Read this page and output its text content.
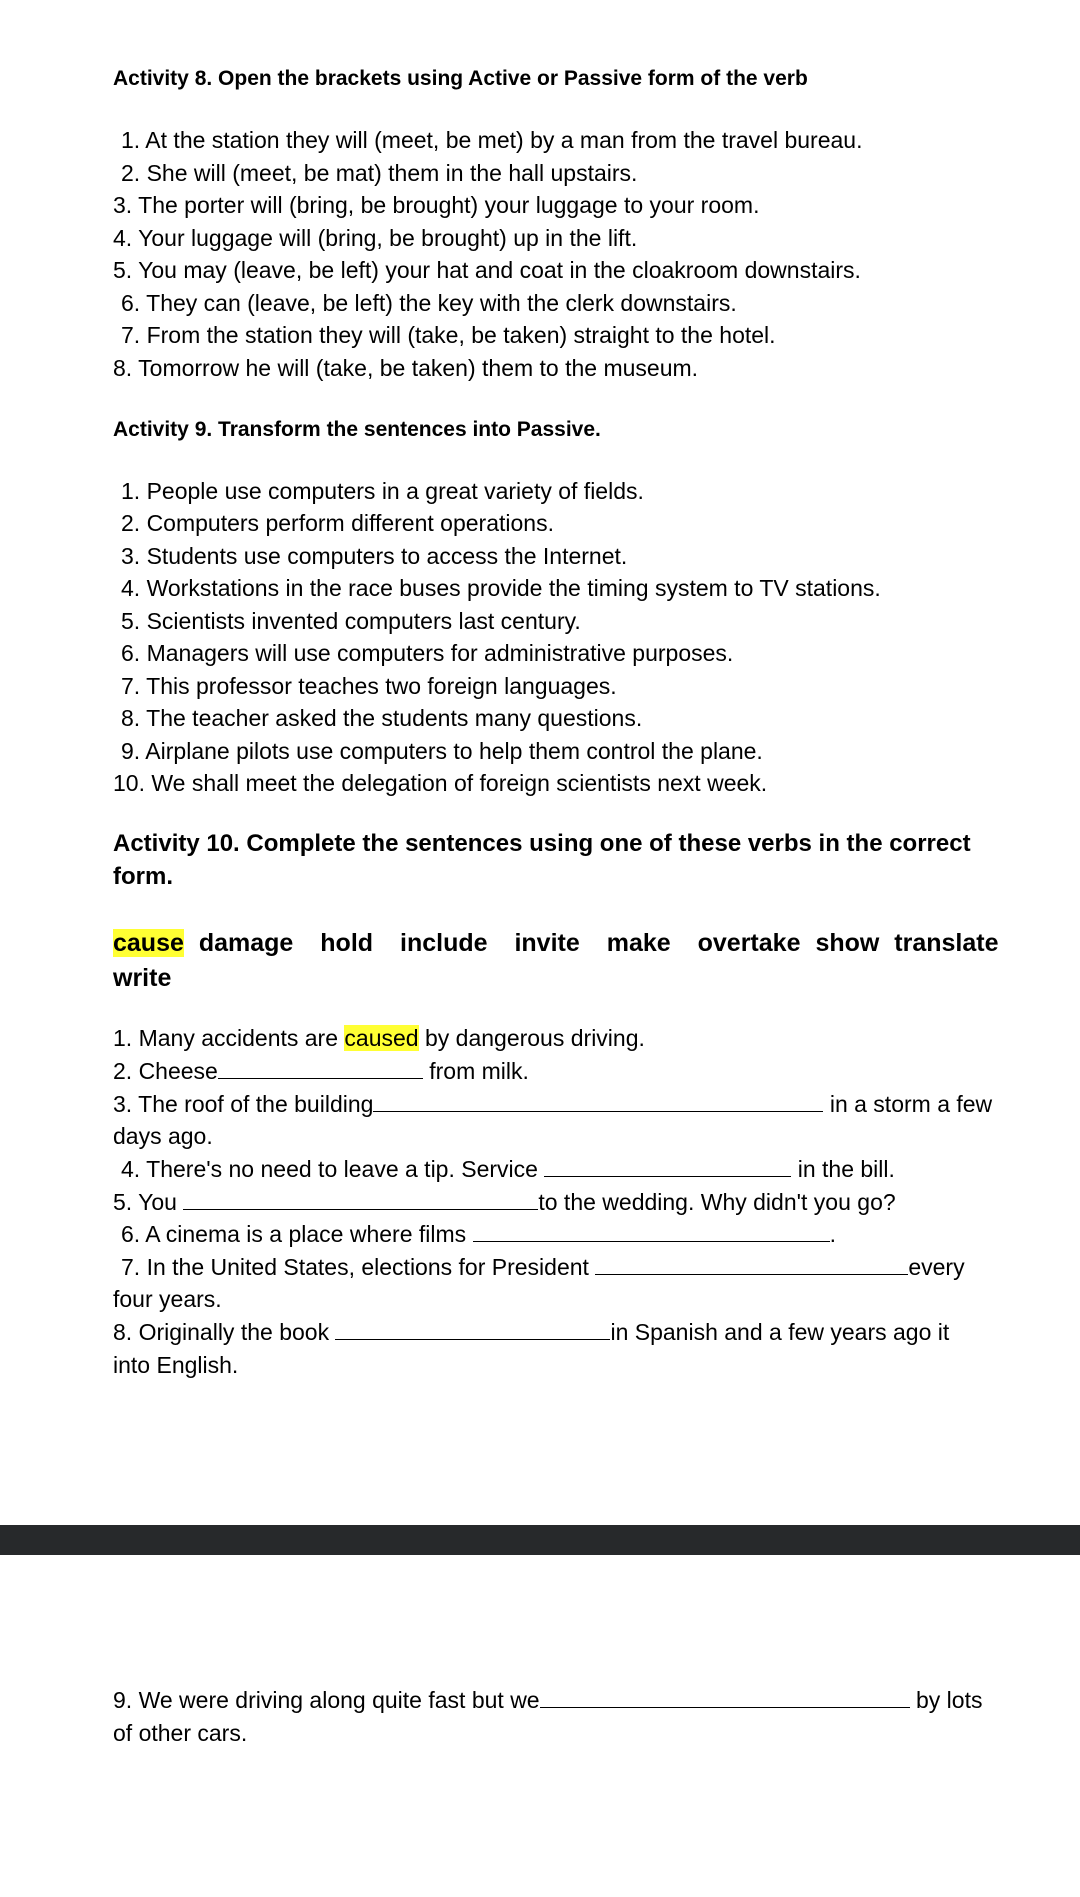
Activity 8. Open the brackets using Active or Passive form of the verb
1. At the station they will (meet, be met) by a man from the travel bureau.
2. She will (meet, be mat) them in the hall upstairs.
3. The porter will (bring, be brought) your luggage to your room.
4. Your luggage will (bring, be brought) up in the lift.
5. You may (leave, be left) your hat and coat in the cloakroom downstairs.
6. They can (leave, be left) the key with the clerk downstairs.
7. From the station they will (take, be taken) straight to the hotel.
8. Tomorrow he will (take, be taken) them to the museum.
Activity 9. Transform the sentences into Passive.
1. People use computers in a great variety of fields.
2. Computers perform different operations.
3. Students use computers to access the Internet.
4. Workstations in the race buses provide the timing system to TV stations.
5. Scientists invented computers last century.
6. Managers will use computers for administrative purposes.
7. This professor teaches two foreign languages.
8. The teacher asked the students many questions.
9. Airplane pilots use computers to help them control the plane.
10. We shall meet the delegation of foreign scientists next week.
Activity 10. Complete the sentences using one of these verbs in the correct
form.
cause damage hold include invite make overtake show translate
write
1. Many accidents are caused by dangerous driving.
2. Cheese	from milk.
3. The roof of the building	in a storm a few
days ago.
4. There's no need to leave a tip. Service	in the bill.
5. You	to the wedding. Why didn't you go?
6. A cinema is a place where films	.
7. In the United States, elections for President	every
four years.
8. Originally the book	in Spanish and a few years ago it
into English.
9. We were driving along quite fast but we	by lots
of other cars.
